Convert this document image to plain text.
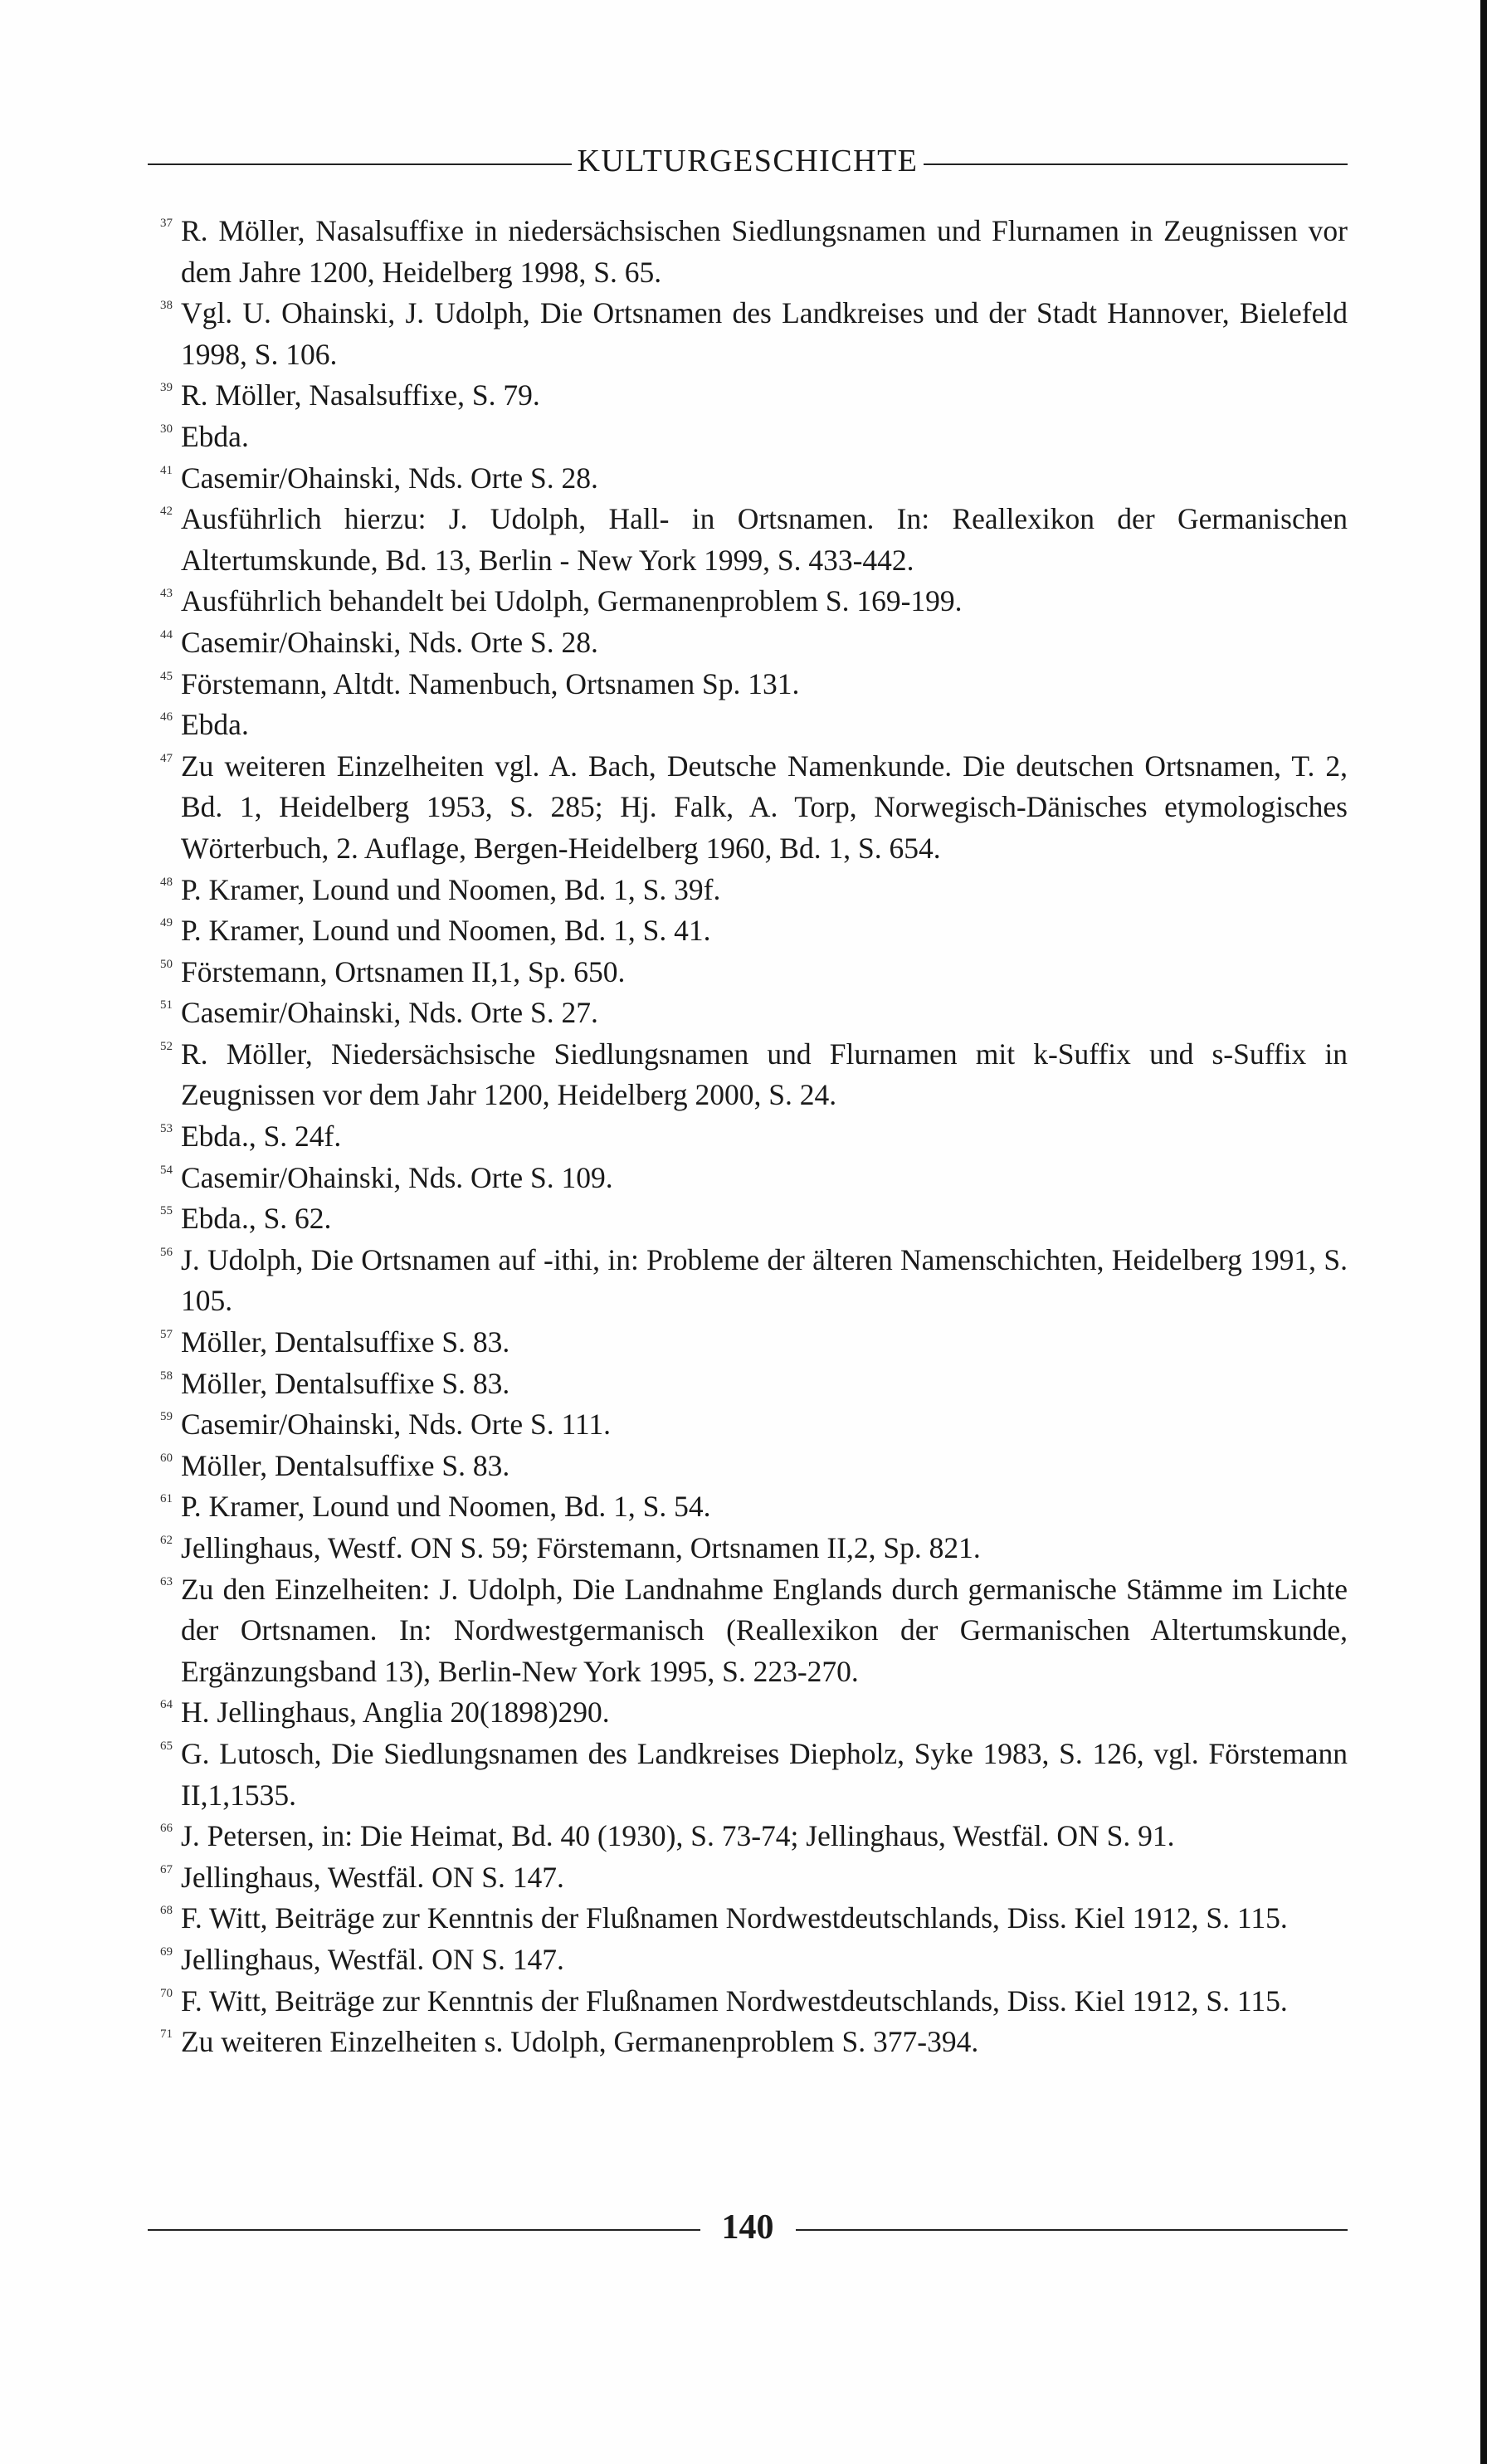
KULTURGESCHICHTE
37 R. Möller, Nasalsuffixe in niedersächsischen Siedlungsnamen und Flurnamen in Zeugnissen vor dem Jahre 1200, Heidelberg 1998, S. 65.
38 Vgl. U. Ohainski, J. Udolph, Die Ortsnamen des Landkreises und der Stadt Hannover, Bielefeld 1998, S. 106.
39 R. Möller, Nasalsuffixe, S. 79.
30 Ebda.
41 Casemir/Ohainski, Nds. Orte S. 28.
42 Ausführlich hierzu: J. Udolph, Hall- in Ortsnamen. In: Reallexikon der Germanischen Altertumskunde, Bd. 13, Berlin - New York 1999, S. 433-442.
43 Ausführlich behandelt bei Udolph, Germanenproblem S. 169-199.
44 Casemir/Ohainski, Nds. Orte S. 28.
45 Förstemann, Altdt. Namenbuch, Ortsnamen Sp. 131.
46 Ebda.
47 Zu weiteren Einzelheiten vgl. A. Bach, Deutsche Namenkunde. Die deutschen Ortsnamen, T. 2, Bd. 1, Heidelberg 1953, S. 285; Hj. Falk, A. Torp, Norwegisch-Dänisches etymologisches Wörterbuch, 2. Auflage, Bergen-Heidelberg 1960, Bd. 1, S. 654.
48 P. Kramer, Lound und Noomen, Bd. 1, S. 39f.
49 P. Kramer, Lound und Noomen, Bd. 1, S. 41.
50 Förstemann, Ortsnamen II,1, Sp. 650.
51 Casemir/Ohainski, Nds. Orte S. 27.
52 R. Möller, Niedersächsische Siedlungsnamen und Flurnamen mit k-Suffix und s-Suffix in Zeugnissen vor dem Jahr 1200, Heidelberg 2000, S. 24.
53 Ebda., S. 24f.
54 Casemir/Ohainski, Nds. Orte S. 109.
55 Ebda., S. 62.
56 J. Udolph, Die Ortsnamen auf -ithi, in: Probleme der älteren Namenschichten, Heidelberg 1991, S. 105.
57 Möller, Dentalsuffixe S. 83.
58 Möller, Dentalsuffixe S. 83.
59 Casemir/Ohainski, Nds. Orte S. 111.
60 Möller, Dentalsuffixe S. 83.
61 P. Kramer, Lound und Noomen, Bd. 1, S. 54.
62 Jellinghaus, Westf. ON S. 59; Förstemann, Ortsnamen II,2, Sp. 821.
63 Zu den Einzelheiten: J. Udolph, Die Landnahme Englands durch germanische Stämme im Lichte der Ortsnamen. In: Nordwestgermanisch (Reallexikon der Germanischen Altertumskunde, Ergänzungsband 13), Berlin-New York 1995, S. 223-270.
64 H. Jellinghaus, Anglia 20(1898)290.
65 G. Lutosch, Die Siedlungsnamen des Landkreises Diepholz, Syke 1983, S. 126, vgl. Förstemann II,1,1535.
66 J. Petersen, in: Die Heimat, Bd. 40 (1930), S. 73-74; Jellinghaus, Westfäl. ON S. 91.
67 Jellinghaus, Westfäl. ON S. 147.
68 F. Witt, Beiträge zur Kenntnis der Flußnamen Nordwestdeutschlands, Diss. Kiel 1912, S. 115.
69 Jellinghaus, Westfäl. ON S. 147.
70 F. Witt, Beiträge zur Kenntnis der Flußnamen Nordwestdeutschlands, Diss. Kiel 1912, S. 115.
71 Zu weiteren Einzelheiten s. Udolph, Germanenproblem S. 377-394.
140
